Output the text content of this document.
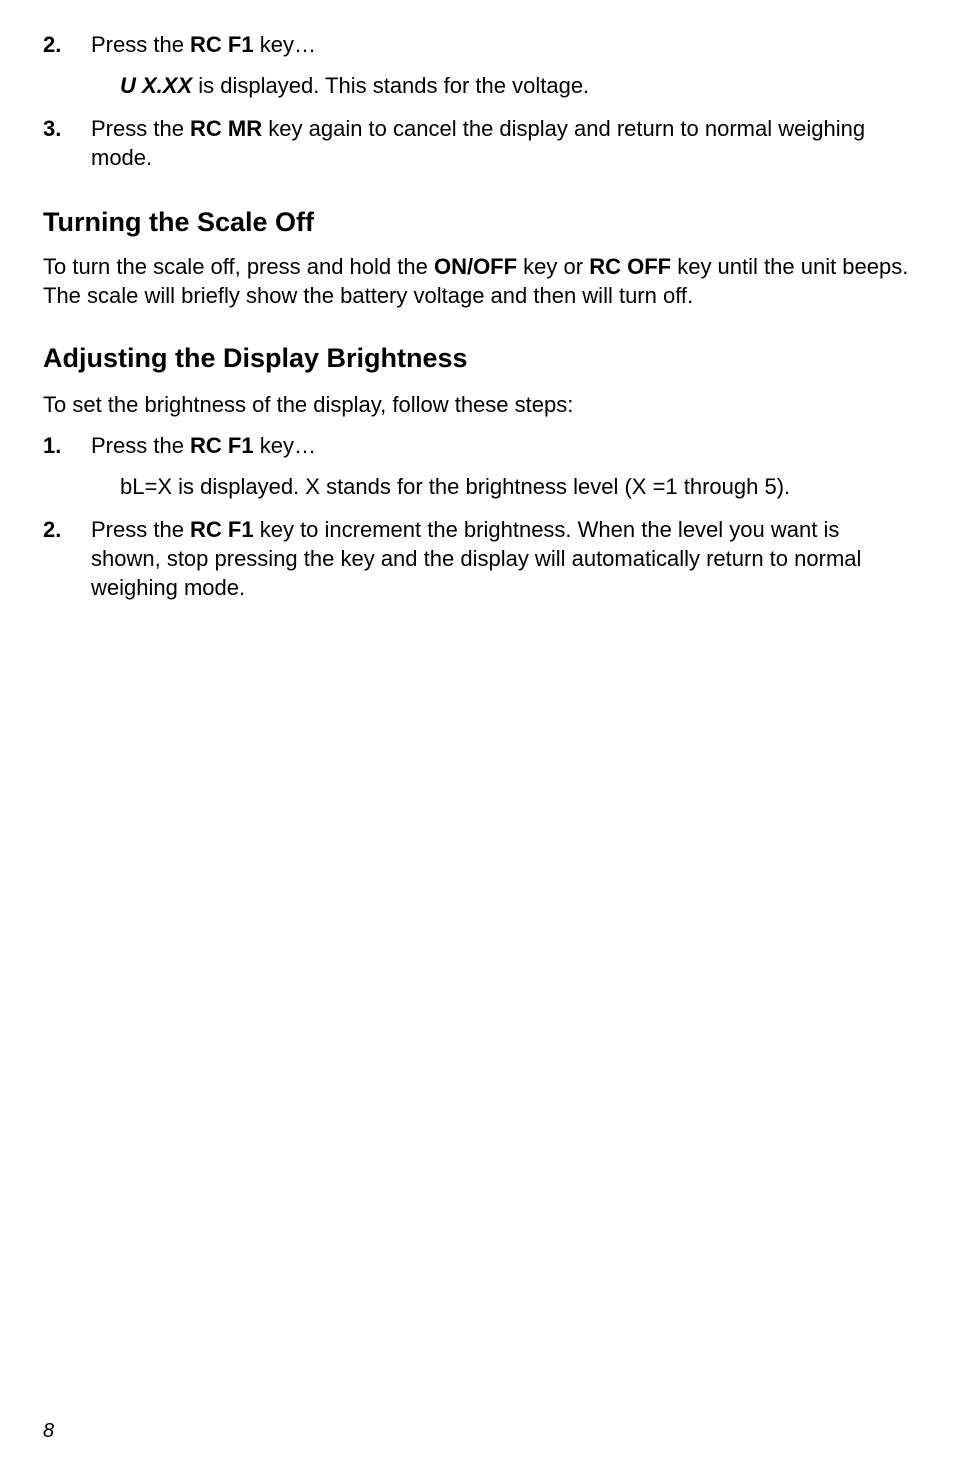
2. Press the RC F1 key…
U X.XX is displayed. This stands for the voltage.
3. Press the RC MR key again to cancel the display and return to normal weighing mode.
Turning the Scale Off

To turn the scale off, press and hold the ON/OFF key or RC OFF key until the unit beeps. The scale will briefly show the battery voltage and then will turn off.

Adjusting the Display Brightness

To set the brightness of the display, follow these steps:

1. Press the RC F1 key…
bL=X is displayed. X stands for the brightness level (X =1 through 5).
2. Press the RC F1 key to increment the brightness. When the level you want is shown, stop pressing the key and the display will automatically return to normal weighing mode.
8
